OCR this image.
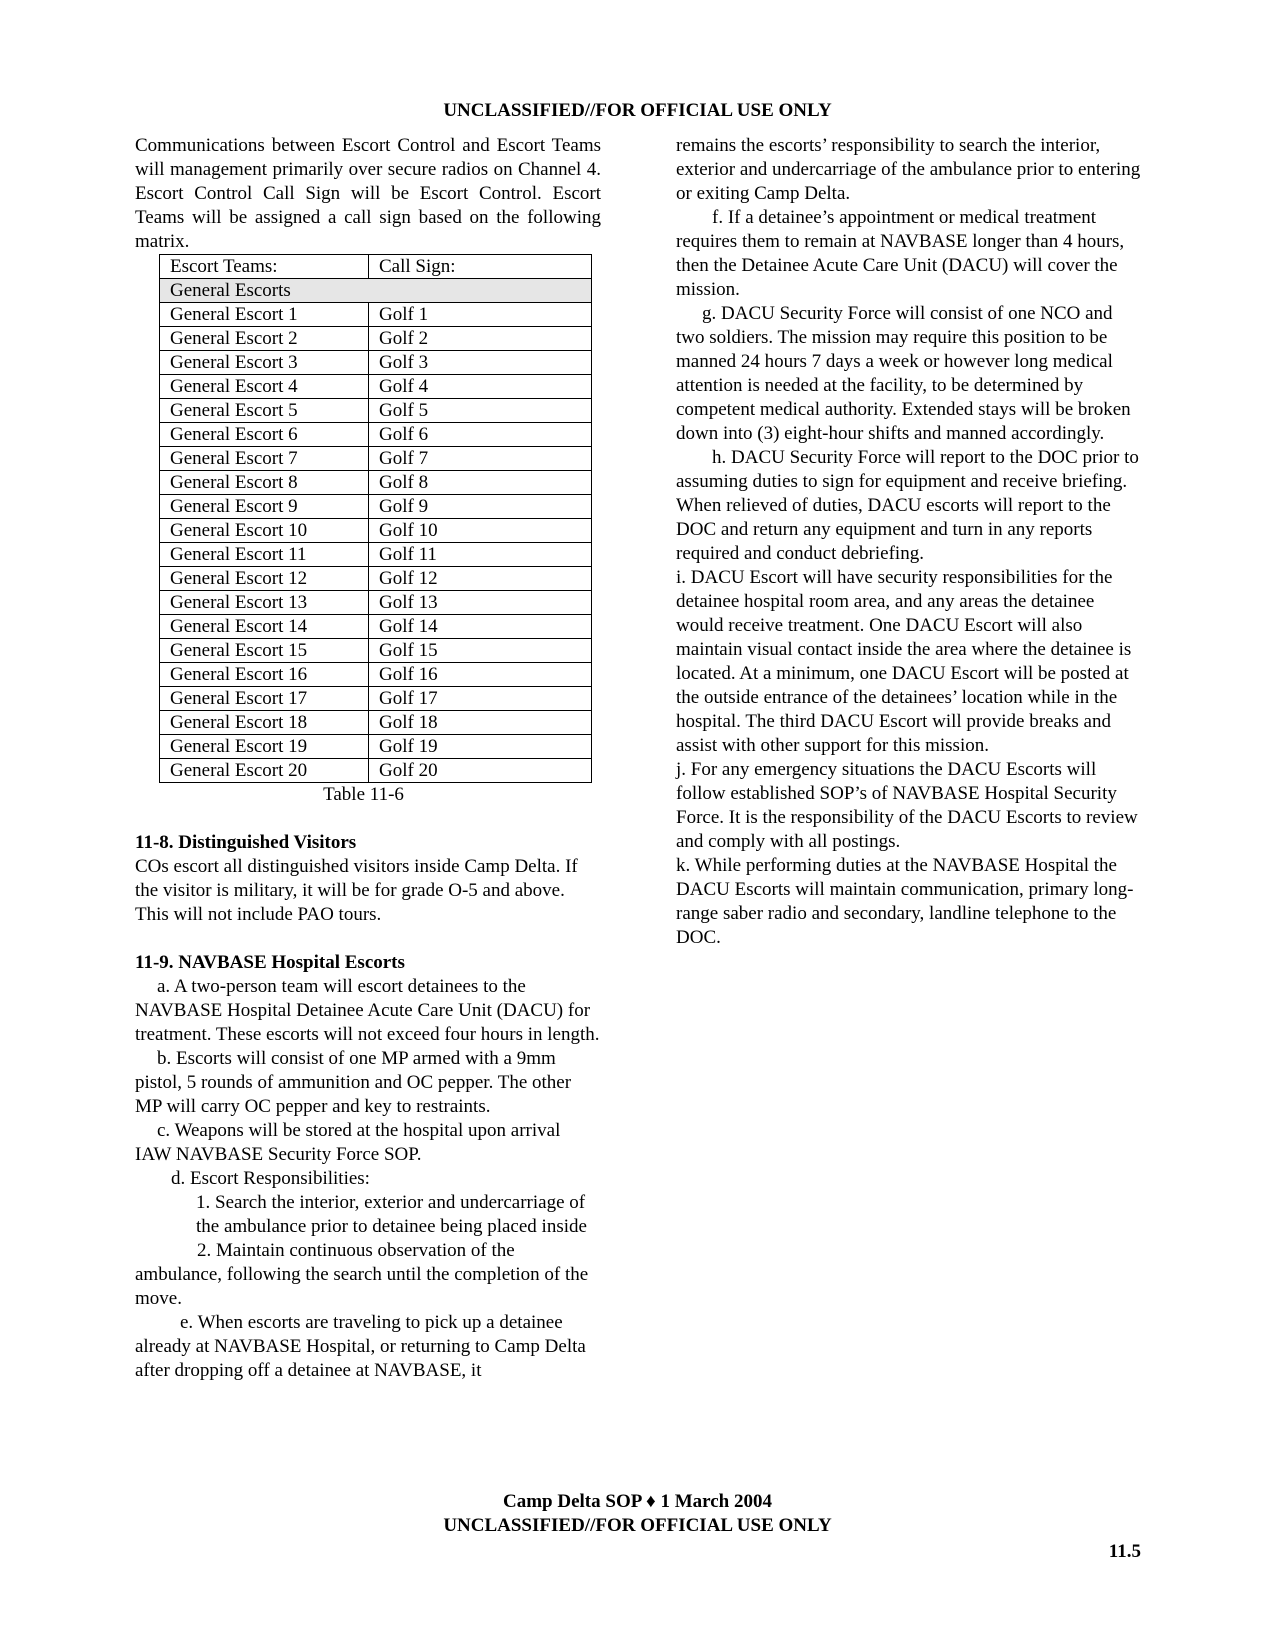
UNCLASSIFIED//FOR OFFICIAL USE ONLY

Communications between Escort Control and Escort Teams will management primarily over secure radios on Channel 4. Escort Control Call Sign will be Escort Control. Escort Teams will be assigned a call sign based on the following matrix.

Escort Teams:	Call Sign:
General Escorts	
General Escort 1	Golf 1
General Escort 2	Golf 2
General Escort 3	Golf 3
General Escort 4	Golf 4
General Escort 5	Golf 5
General Escort 6	Golf 6
General Escort 7	Golf 7
General Escort 8	Golf 8
General Escort 9	Golf 9
General Escort 10	Golf 10
General Escort 11	Golf 11
General Escort 12	Golf 12
General Escort 13	Golf 13
General Escort 14	Golf 14
General Escort 15	Golf 15
General Escort 16	Golf 16
General Escort 17	Golf 17
General Escort 18	Golf 18
General Escort 19	Golf 19
General Escort 20	Golf 20

Table 11-6

11-8. Distinguished Visitors

COs escort all distinguished visitors inside Camp Delta. If the visitor is military, it will be for grade O-5 and above. This will not include PAO tours.

11-9. NAVBASE Hospital Escorts

a. A two-person team will escort detainees to the NAVBASE Hospital Detainee Acute Care Unit (DACU) for treatment. These escorts will not exceed four hours in length.

b. Escorts will consist of one MP armed with a 9mm pistol, 5 rounds of ammunition and OC pepper. The other MP will carry OC pepper and key to restraints.

c. Weapons will be stored at the hospital upon arrival IAW NAVBASE Security Force SOP.

d. Escort Responsibilities:

1. Search the interior, exterior and undercarriage of the ambulance prior to detainee being placed inside

2. Maintain continuous observation of the ambulance, following the search until the completion of the move.

e. When escorts are traveling to pick up a detainee already at NAVBASE Hospital, or returning to Camp Delta after dropping off a detainee at NAVBASE, it

remains the escorts’ responsibility to search the interior, exterior and undercarriage of the ambulance prior to entering or exiting Camp Delta.

f. If a detainee’s appointment or medical treatment requires them to remain at NAVBASE longer than 4 hours, then the Detainee Acute Care Unit (DACU) will cover the mission.

g. DACU Security Force will consist of one NCO and two soldiers. The mission may require this position to be manned 24 hours 7 days a week or however long medical attention is needed at the facility, to be determined by competent medical authority. Extended stays will be broken down into (3) eight-hour shifts and manned accordingly.

h. DACU Security Force will report to the DOC prior to assuming duties to sign for equipment and receive briefing. When relieved of duties, DACU escorts will report to the DOC and return any equipment and turn in any reports required and conduct debriefing.

i. DACU Escort will have security responsibilities for the detainee hospital room area, and any areas the detainee would receive treatment. One DACU Escort will also maintain visual contact inside the area where the detainee is located. At a minimum, one DACU Escort will be posted at the outside entrance of the detainees’ location while in the hospital. The third DACU Escort will provide breaks and assist with other support for this mission.

j. For any emergency situations the DACU Escorts will follow established SOP’s of NAVBASE Hospital Security Force. It is the responsibility of the DACU Escorts to review and comply with all postings.

k. While performing duties at the NAVBASE Hospital the DACU Escorts will maintain communication, primary long-range saber radio and secondary, landline telephone to the DOC.

Camp Delta SOP ♦ 1 March 2004
UNCLASSIFIED//FOR OFFICIAL USE ONLY
11.5
